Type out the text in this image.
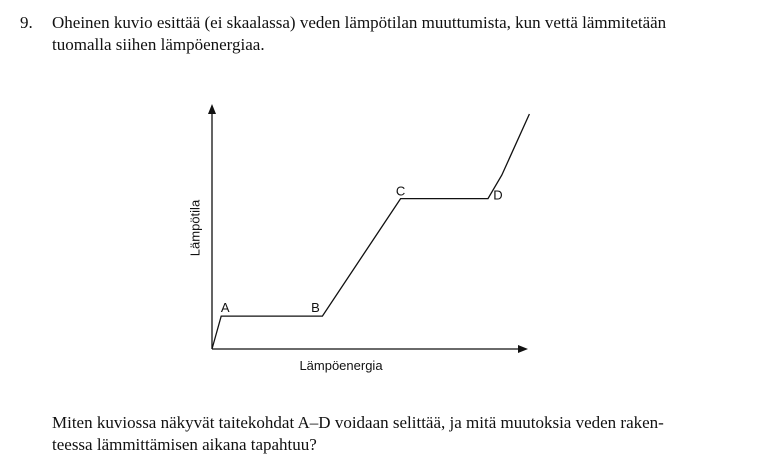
9. Oheinen kuvio esittää (ei skaalassa) veden lämpötilan muuttumista, kun vettä lämmitetään
tuomalla siihen lämpöenergiaa.
Lämpötila
Lämpöenergia
A	B
C	D
Miten kuviossa näkyvät taitekohdat A–D voidaan selittää, ja mitä muutoksia veden raken-
teessa lämmittämisen aikana tapahtuu?
